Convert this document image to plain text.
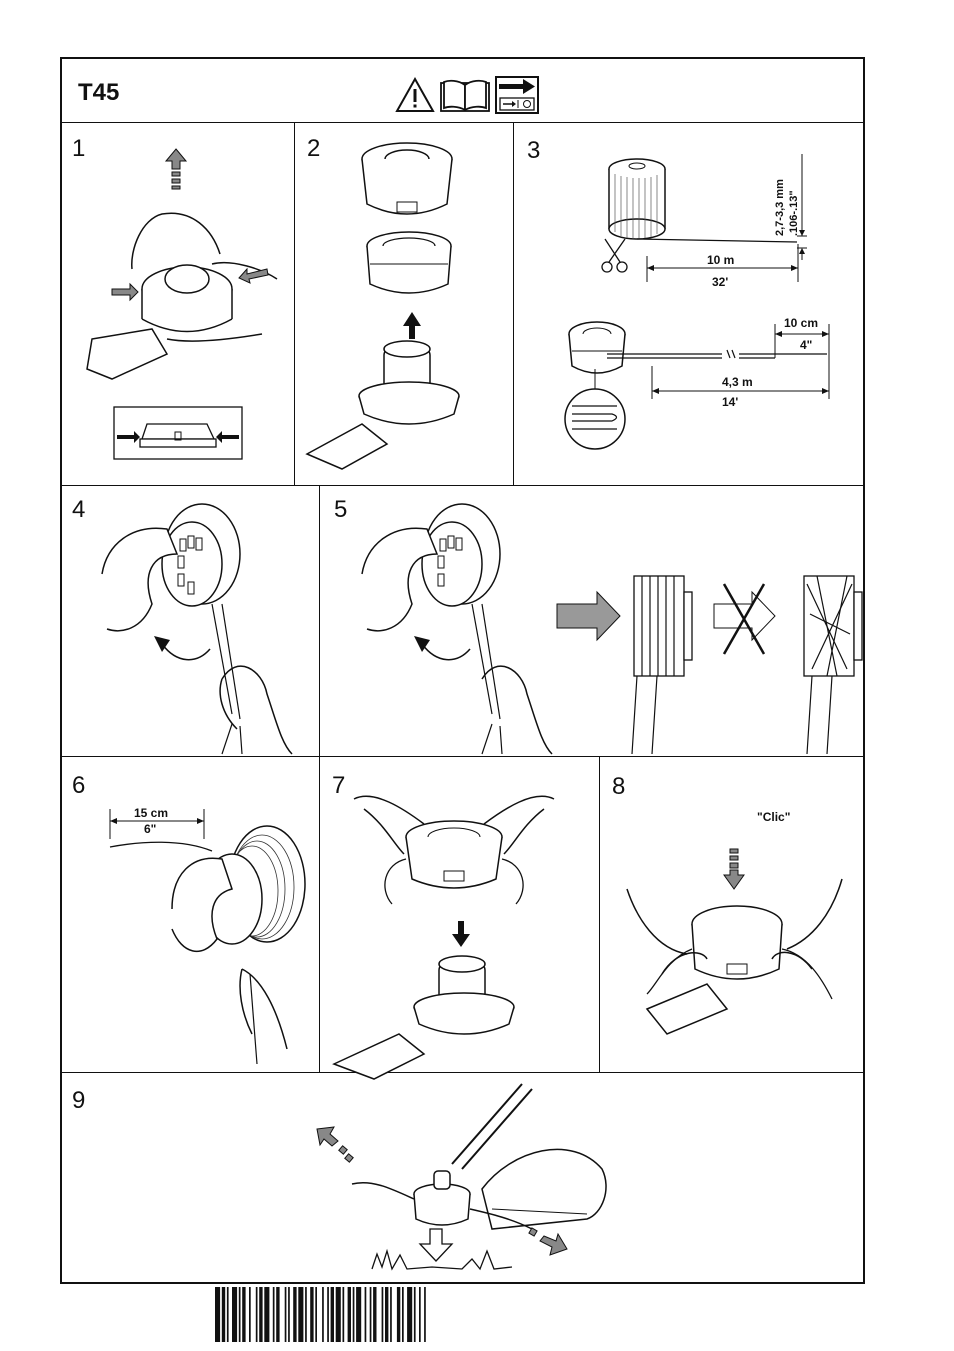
T45
1	2	3
4	5
6	7	8
9
2,7-3,3 mm .106-.13"
10 m
32'
10 cm
4"
4,3 m
14'
15 cm
6"
"Clic"
